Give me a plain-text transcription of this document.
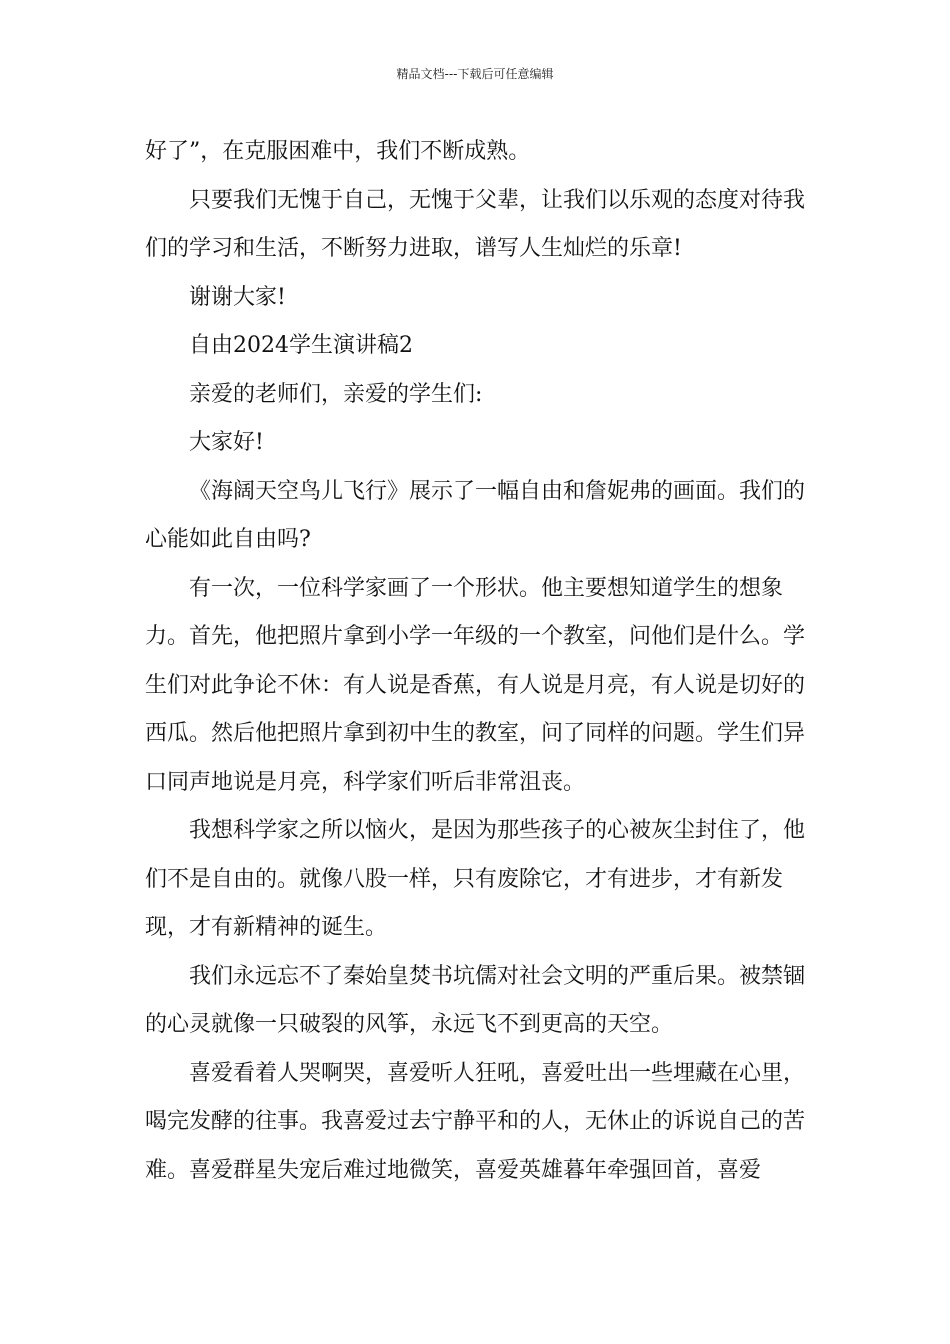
精品文档---下载后可任意编辑

好了”，在克服困难中，我们不断成熟。

只要我们无愧于自己，无愧于父辈，让我们以乐观的态度对待我们的学习和生活，不断努力进取，谱写人生灿烂的乐章!

谢谢大家!

自由2024学生演讲稿2

亲爱的老师们，亲爱的学生们:

大家好!

《海阔天空鸟儿飞行》展示了一幅自由和詹妮弗的画面。我们的心能如此自由吗?

有一次，一位科学家画了一个形状。他主要想知道学生的想象力。首先，他把照片拿到小学一年级的一个教室，问他们是什么。学生们对此争论不休：有人说是香蕉，有人说是月亮，有人说是切好的西瓜。然后他把照片拿到初中生的教室，问了同样的问题。学生们异口同声地说是月亮，科学家们听后非常沮丧。

我想科学家之所以恼火，是因为那些孩子的心被灰尘封住了，他们不是自由的。就像八股一样，只有废除它，才有进步，才有新发现，才有新精神的诞生。

我们永远忘不了秦始皇焚书坑儒对社会文明的严重后果。被禁锢的心灵就像一只破裂的风筝，永远飞不到更高的天空。

喜爱看着人哭啊哭，喜爱听人狂吼，喜爱吐出一些埋藏在心里，喝完发酵的往事。我喜爱过去宁静平和的人，无休止的诉说自己的苦难。喜爱群星失宠后难过地微笑，喜爱英雄暮年牵强回首，喜爱
